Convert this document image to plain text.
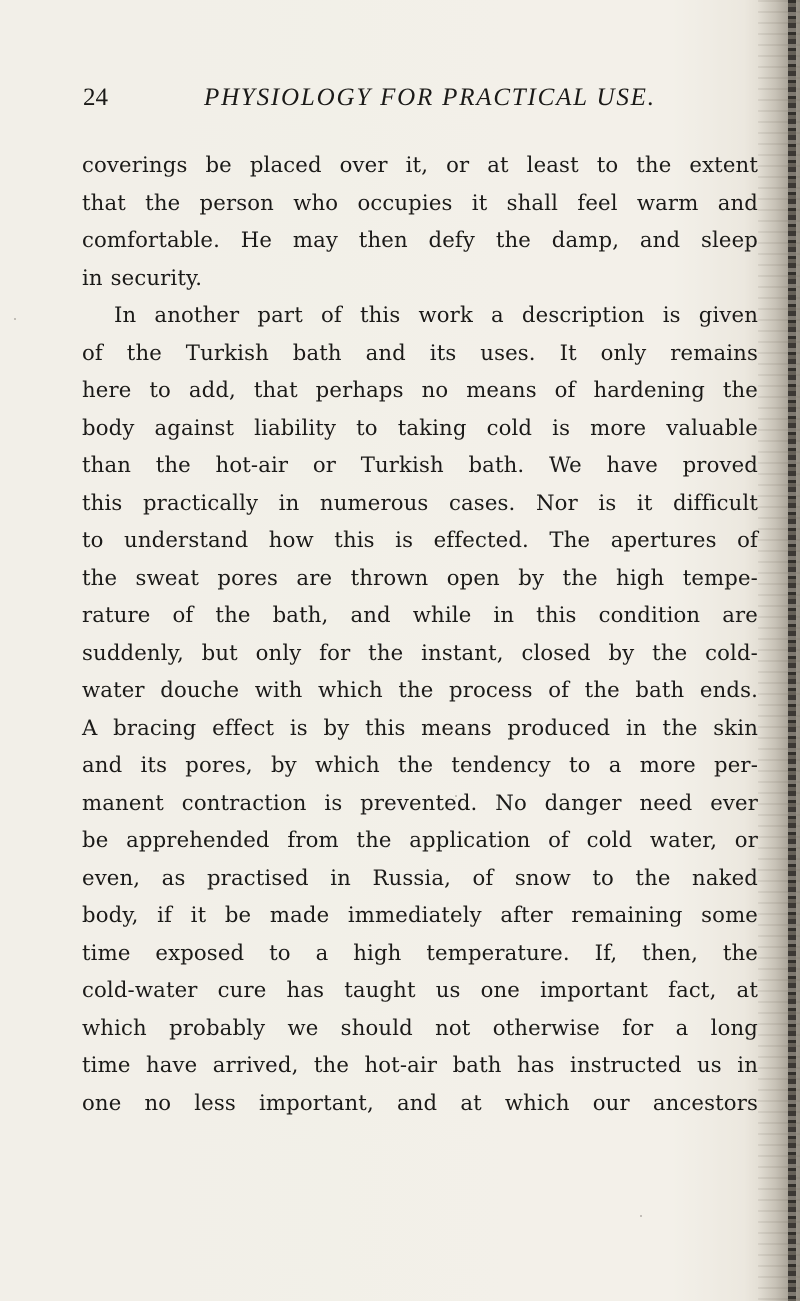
24	PHYSIOLOGY FOR PRACTICAL USE.
coverings be placed over it, or at least to the extent
that the person who occupies it shall feel warm and
comfortable. He may then defy the damp, and sleep
in security.
In another part of this work a description is given
of the Turkish bath and its uses. It only remains
here to add, that perhaps no means of hardening the
body against liability to taking cold is more valuable
than the hot-air or Turkish bath. We have proved
this practically in numerous cases. Nor is it difficult
to understand how this is effected. The apertures of
the sweat pores are thrown open by the high tempe-
rature of the bath, and while in this condition are
suddenly, but only for the instant, closed by the cold-
water douche with which the process of the bath ends.
A bracing effect is by this means produced in the skin
and its pores, by which the tendency to a more per-
manent contraction is prevented. No danger need ever
be apprehended from the application of cold water, or
even, as practised in Russia, of snow to the naked
body, if it be made immediately after remaining some
time exposed to a high temperature. If, then, the
cold-water cure has taught us one important fact, at
which probably we should not otherwise for a long
time have arrived, the hot-air bath has instructed us in
one no less important, and at which our ancestors
